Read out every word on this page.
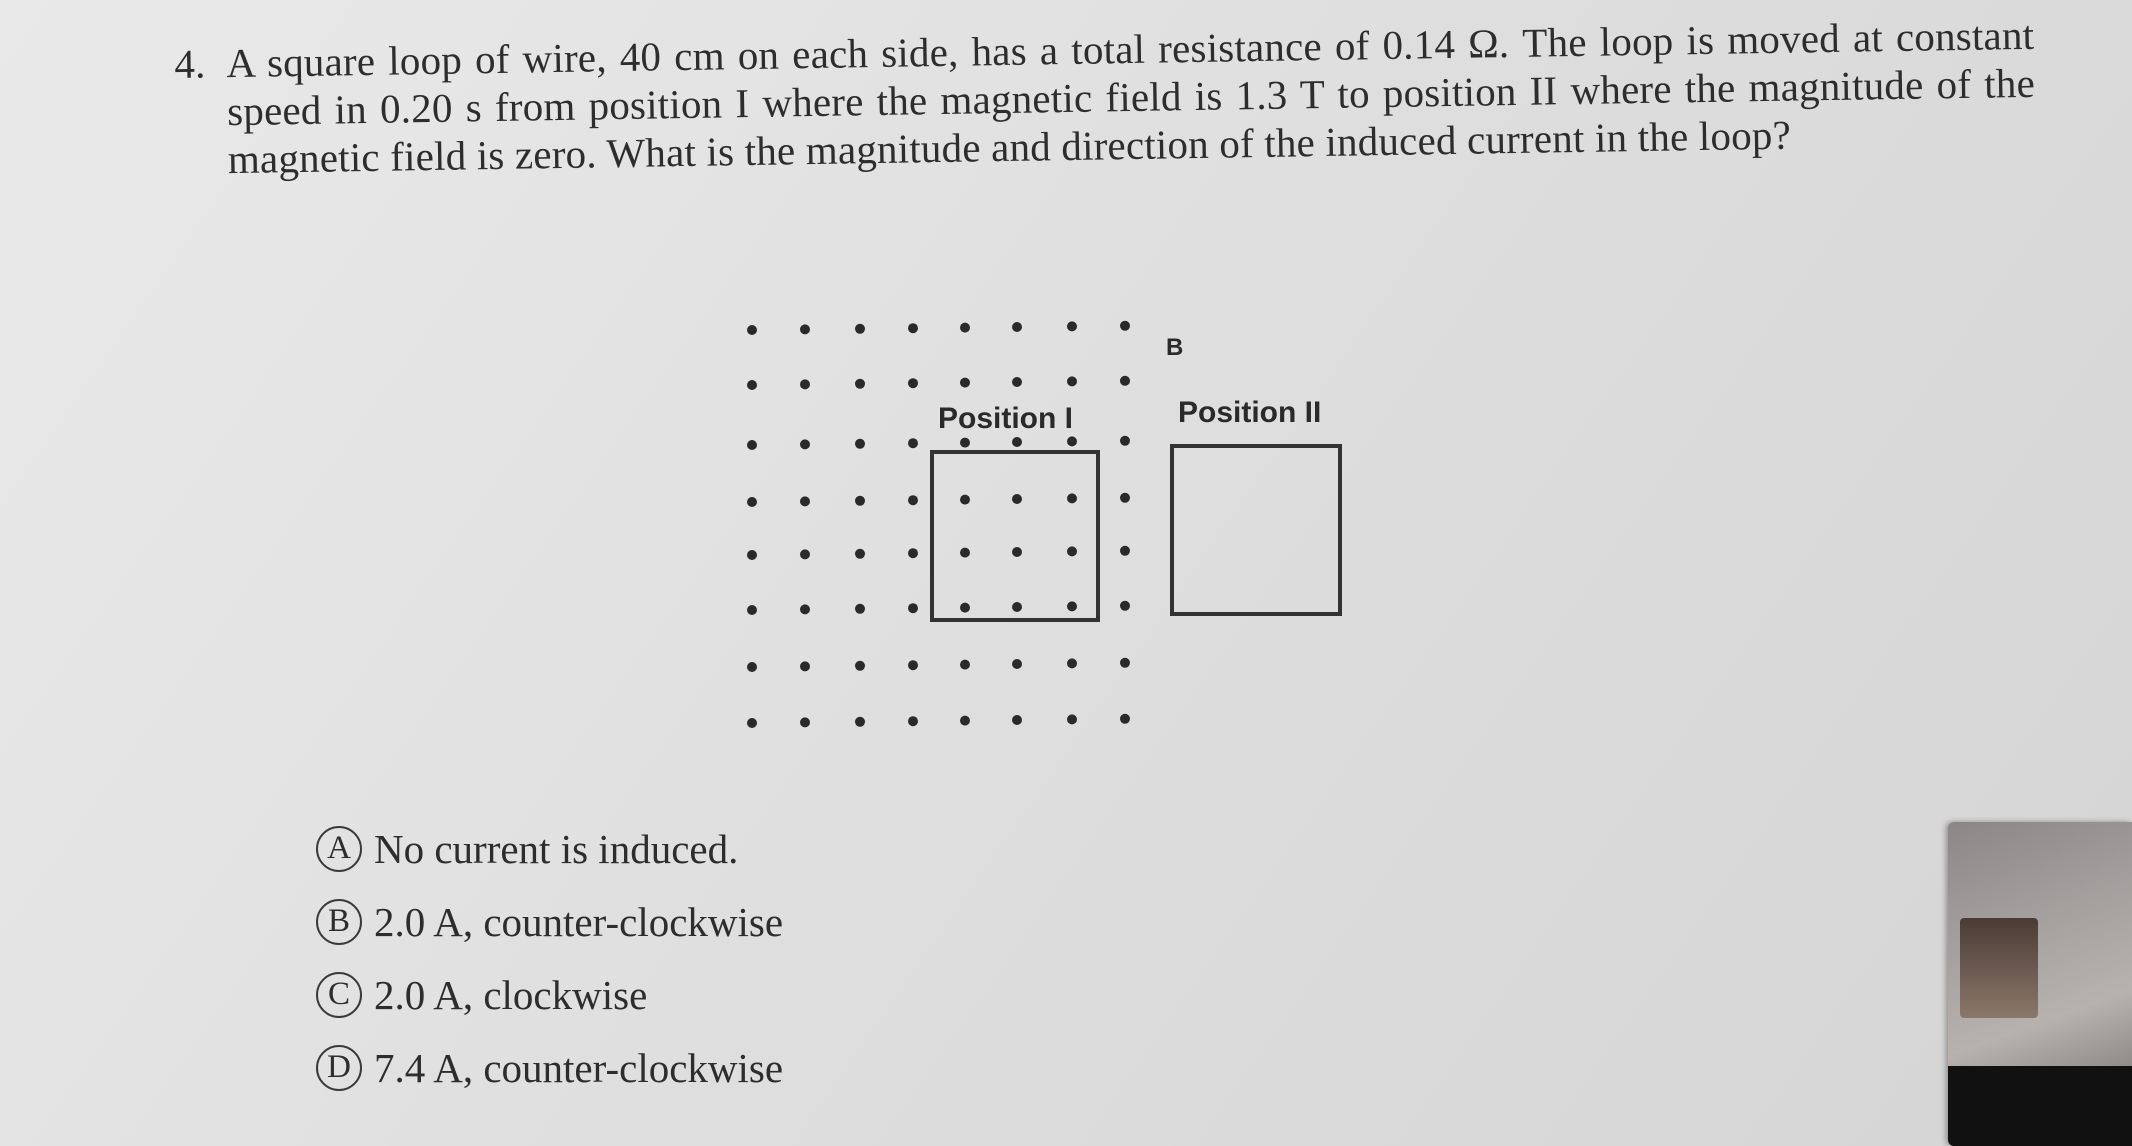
4. A square loop of wire, 40 cm on each side, has a total resistance of 0.14 Ω. The loop is moved at constant speed in 0.20 s from position I where the magnetic field is 1.3 T to position II where the magnitude of the magnetic field is zero. What is the magnitude and direction of the induced current in the loop?
B
Position I	Position II
A No current is induced.
B 2.0 A, counter-clockwise
C 2.0 A, clockwise
D 7.4 A, counter-clockwise
